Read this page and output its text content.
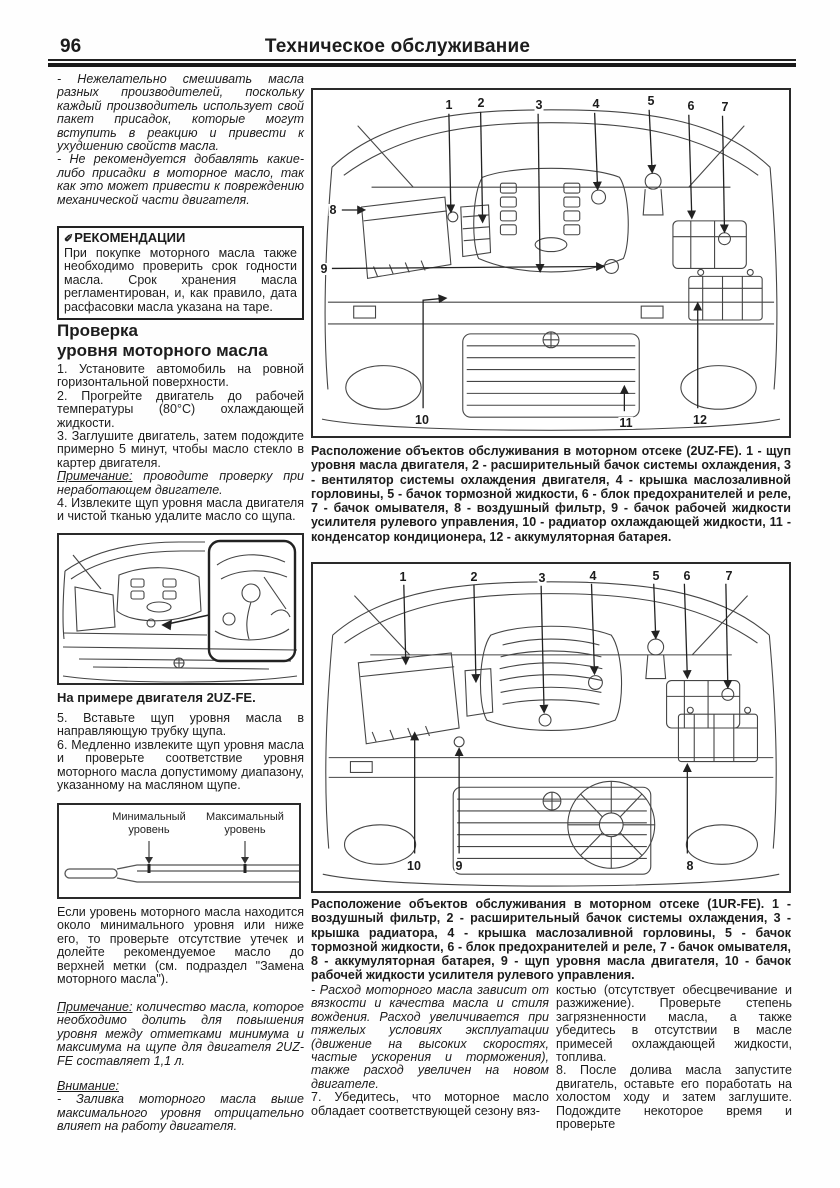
96	Техническое обслуживание

- Нежелательно смешивать масла разных производителей, поскольку каждый производитель использует свой пакет присадок, которые могут вступить в реакцию и привести к ухудшению свойств масла.

- Не рекомендуется добавлять какие-либо присадки в моторное масло, так как это может привести к повреждению механической части двигателя.

✐РЕКОМЕНДАЦИИ

При покупке моторного масла также необходимо проверить срок годности масла. Срок хранения масла регламентирован, и, как правило, дата расфасовки масла указана на таре.

Проверка
уровня моторного масла

1. Установите автомобиль на ровной горизонтальной поверхности.

2. Прогрейте двигатель до рабочей температуры (80°С) охлаждающей жидкости.

3. Заглушите двигатель, затем подождите примерно 5 минут, чтобы масло стекло в картер двигателя.

Примечание: проводите проверку при неработающем двигателе.

4. Извлеките щуп уровня масла двигателя и чистой тканью удалите масло со щупа.

На примере двигателя 2UZ-FE.

5. Вставьте щуп уровня масла в направляющую трубку щупа.

6. Медленно извлеките щуп уровня масла и проверьте соответствие уровня моторного масла допустимому диапазону, указанному на масляном щупе.

Минимальный
уровень
Максимальный
уровень

Если уровень моторного масла находится около минимального уровня или ниже его, то проверьте отсутствие утечек и долейте рекомендуемое масло до верхней метки (см. подраздел "Замена моторного масла").

Примечание: количество масла, которое необходимо долить для повышения уровня между отметками минимума и максимума на щупе для двигателя 2UZ-FE составляет 1,1 л.

Внимание:

- Заливка моторного масла выше максимального уровня отрицательно влияет на работу двигателя.

1 2	3	4	5	6 7
8
9
10	11	12
Расположение объектов обслуживания в моторном отсеке (2UZ-FE). 1 - щуп уровня масла двигателя, 2 - расширительный бачок системы охлаждения, 3 - вентилятор системы охлаждения двигателя, 4 - крышка маслозаливной горловины, 5 - бачок тормозной жидкости, 6 - блок предохранителей и реле, 7 - бачок омывателя, 8 - воздушный фильтр, 9 - бачок рабочей жидкости усилителя рулевого управления, 10 - радиатор охлаждающей жидкости, 11 - конденсатор кондиционера, 12 - аккумуляторная батарея.
1	2	3	4	5 6	7
10	9	8
Расположение объектов обслуживания в моторном отсеке (1UR-FE). 1 - воздушный фильтр, 2 - расширительный бачок системы охлаждения, 3 - крышка радиатора, 4 - крышка маслозаливной горловины, 5 - бачок тормозной жидкости, 6 - блок предохранителей и реле, 7 - бачок омывателя, 8 - аккумуляторная батарея, 9 - щуп уровня масла двигателя, 10 - бачок рабочей жидкости усилителя рулевого управления.

- Расход моторного масла зависит от вязкости и качества масла и стиля вождения. Расход увеличивается при тяжелых условиях эксплуатации (движение на высоких скоростях, частые ускорения и торможения), также расход увеличен на новом двигателе.

7. Убедитесь, что моторное масло обладает соответствующей сезону вяз-

костью (отсутствует обесцвечивание и разжижение). Проверьте степень загрязненности масла, а также убедитесь в отсутствии в масле примесей охлаждающей жидкости, топлива.

8. После долива масла запустите двигатель, оставьте его поработать на холостом ходу и затем заглушите. Подождите некоторое время и проверьте
